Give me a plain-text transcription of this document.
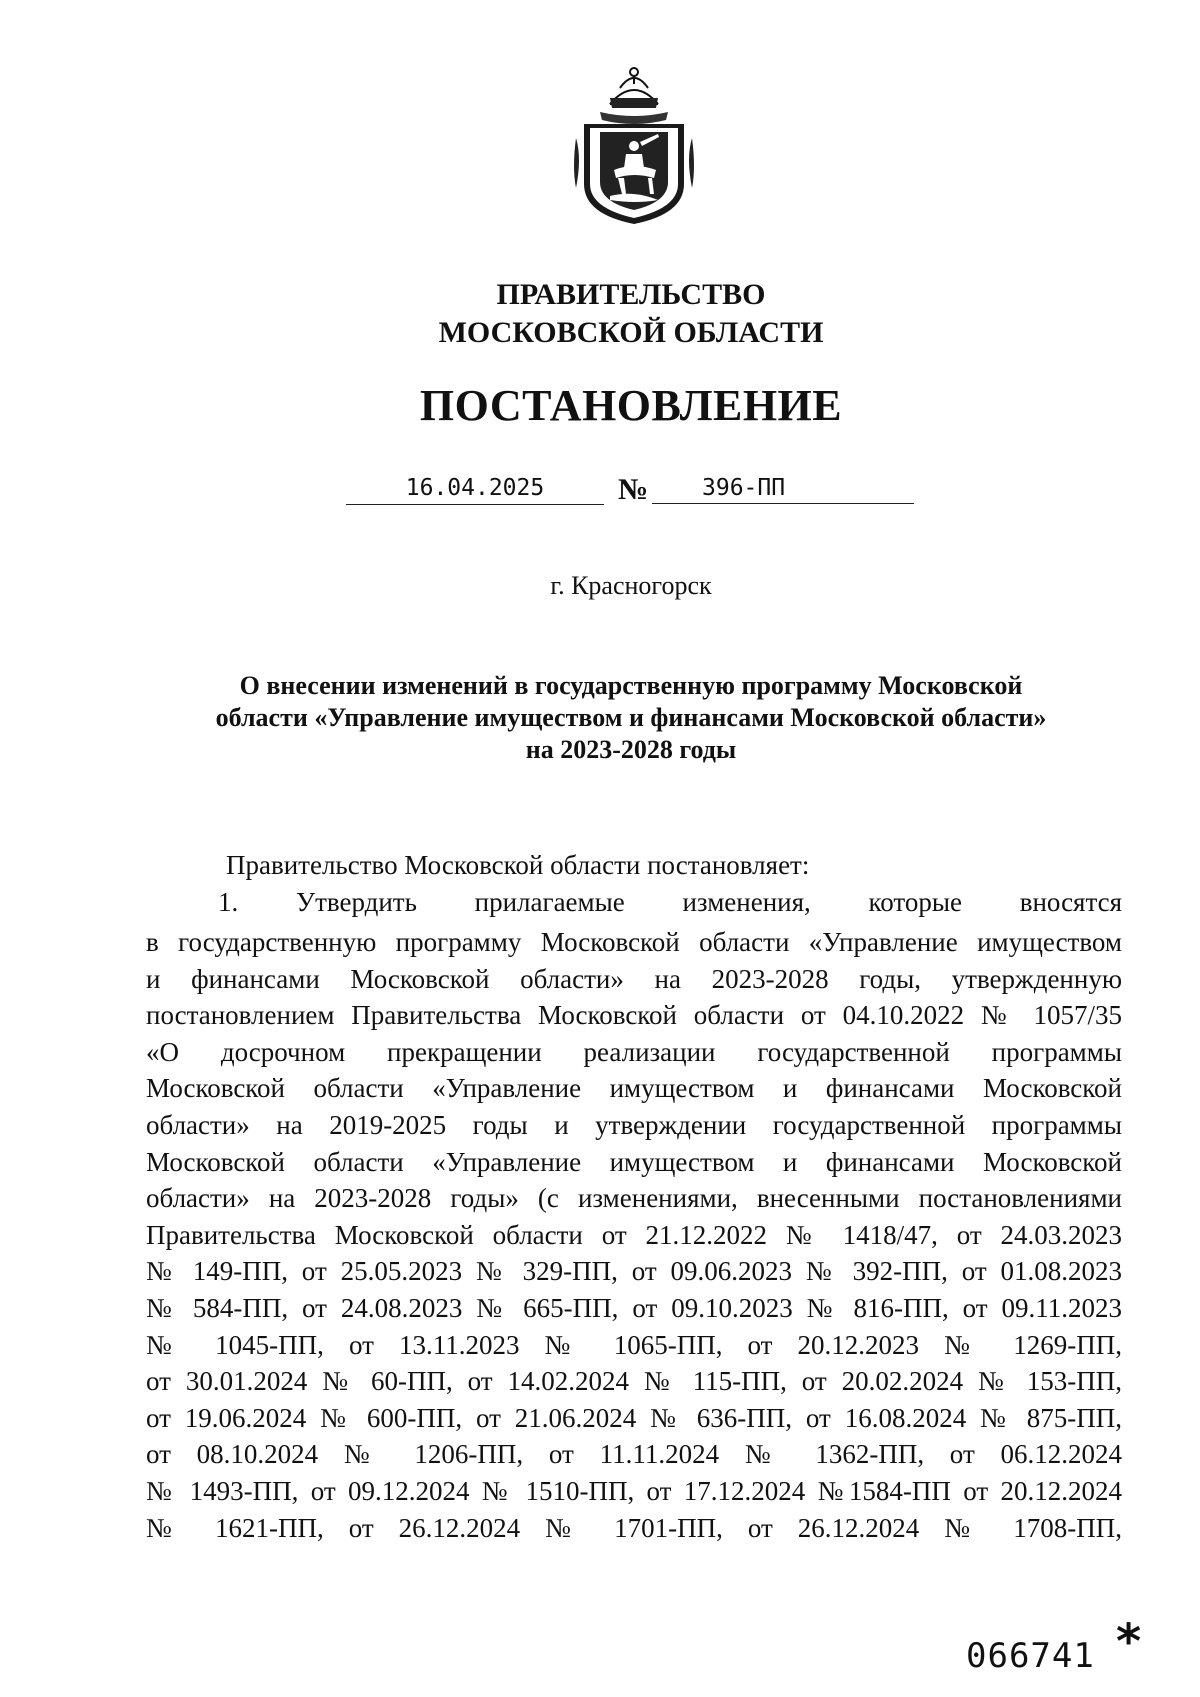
ПРАВИТЕЛЬСТВО
МОСКОВСКОЙ ОБЛАСТИ
ПОСТАНОВЛЕНИЕ
16.04.2025	№	396-ПП
г. Красногорск
О внесении изменений в государственную программу Московской
области «Управление имуществом и финансами Московской области»
на 2023-2028 годы
Правительство Московской области постановляет:
1. Утвердить прилагаемые изменения, которые вносятся
в государственную программу Московской области «Управление имуществом
и финансами Московской области» на 2023-2028 годы, утвержденную
постановлением Правительства Московской области от 04.10.2022 № 1057/35
«О досрочном прекращении реализации государственной программы
Московской области «Управление имуществом и финансами Московской
области» на 2019-2025 годы и утверждении государственной программы
Московской области «Управление имуществом и финансами Московской
области» на 2023-2028 годы» (с изменениями, внесенными постановлениями
Правительства Московской области от 21.12.2022 № 1418/47, от 24.03.2023
№ 149-ПП, от 25.05.2023 № 329-ПП, от 09.06.2023 № 392-ПП, от 01.08.2023
№ 584-ПП, от 24.08.2023 № 665-ПП, от 09.10.2023 № 816-ПП, от 09.11.2023
№ 1045-ПП, от 13.11.2023 № 1065-ПП, от 20.12.2023 № 1269-ПП,
от 30.01.2024 № 60-ПП, от 14.02.2024 № 115-ПП, от 20.02.2024 № 153-ПП,
от 19.06.2024 № 600-ПП, от 21.06.2024 № 636-ПП, от 16.08.2024 № 875-ПП,
от 08.10.2024 № 1206-ПП, от 11.11.2024 № 1362-ПП, от 06.12.2024
№ 1493-ПП, от 09.12.2024 № 1510-ПП, от 17.12.2024 №1584-ПП от 20.12.2024
№ 1621-ПП, от 26.12.2024 № 1701-ПП, от 26.12.2024 № 1708-ПП,
066741 *
